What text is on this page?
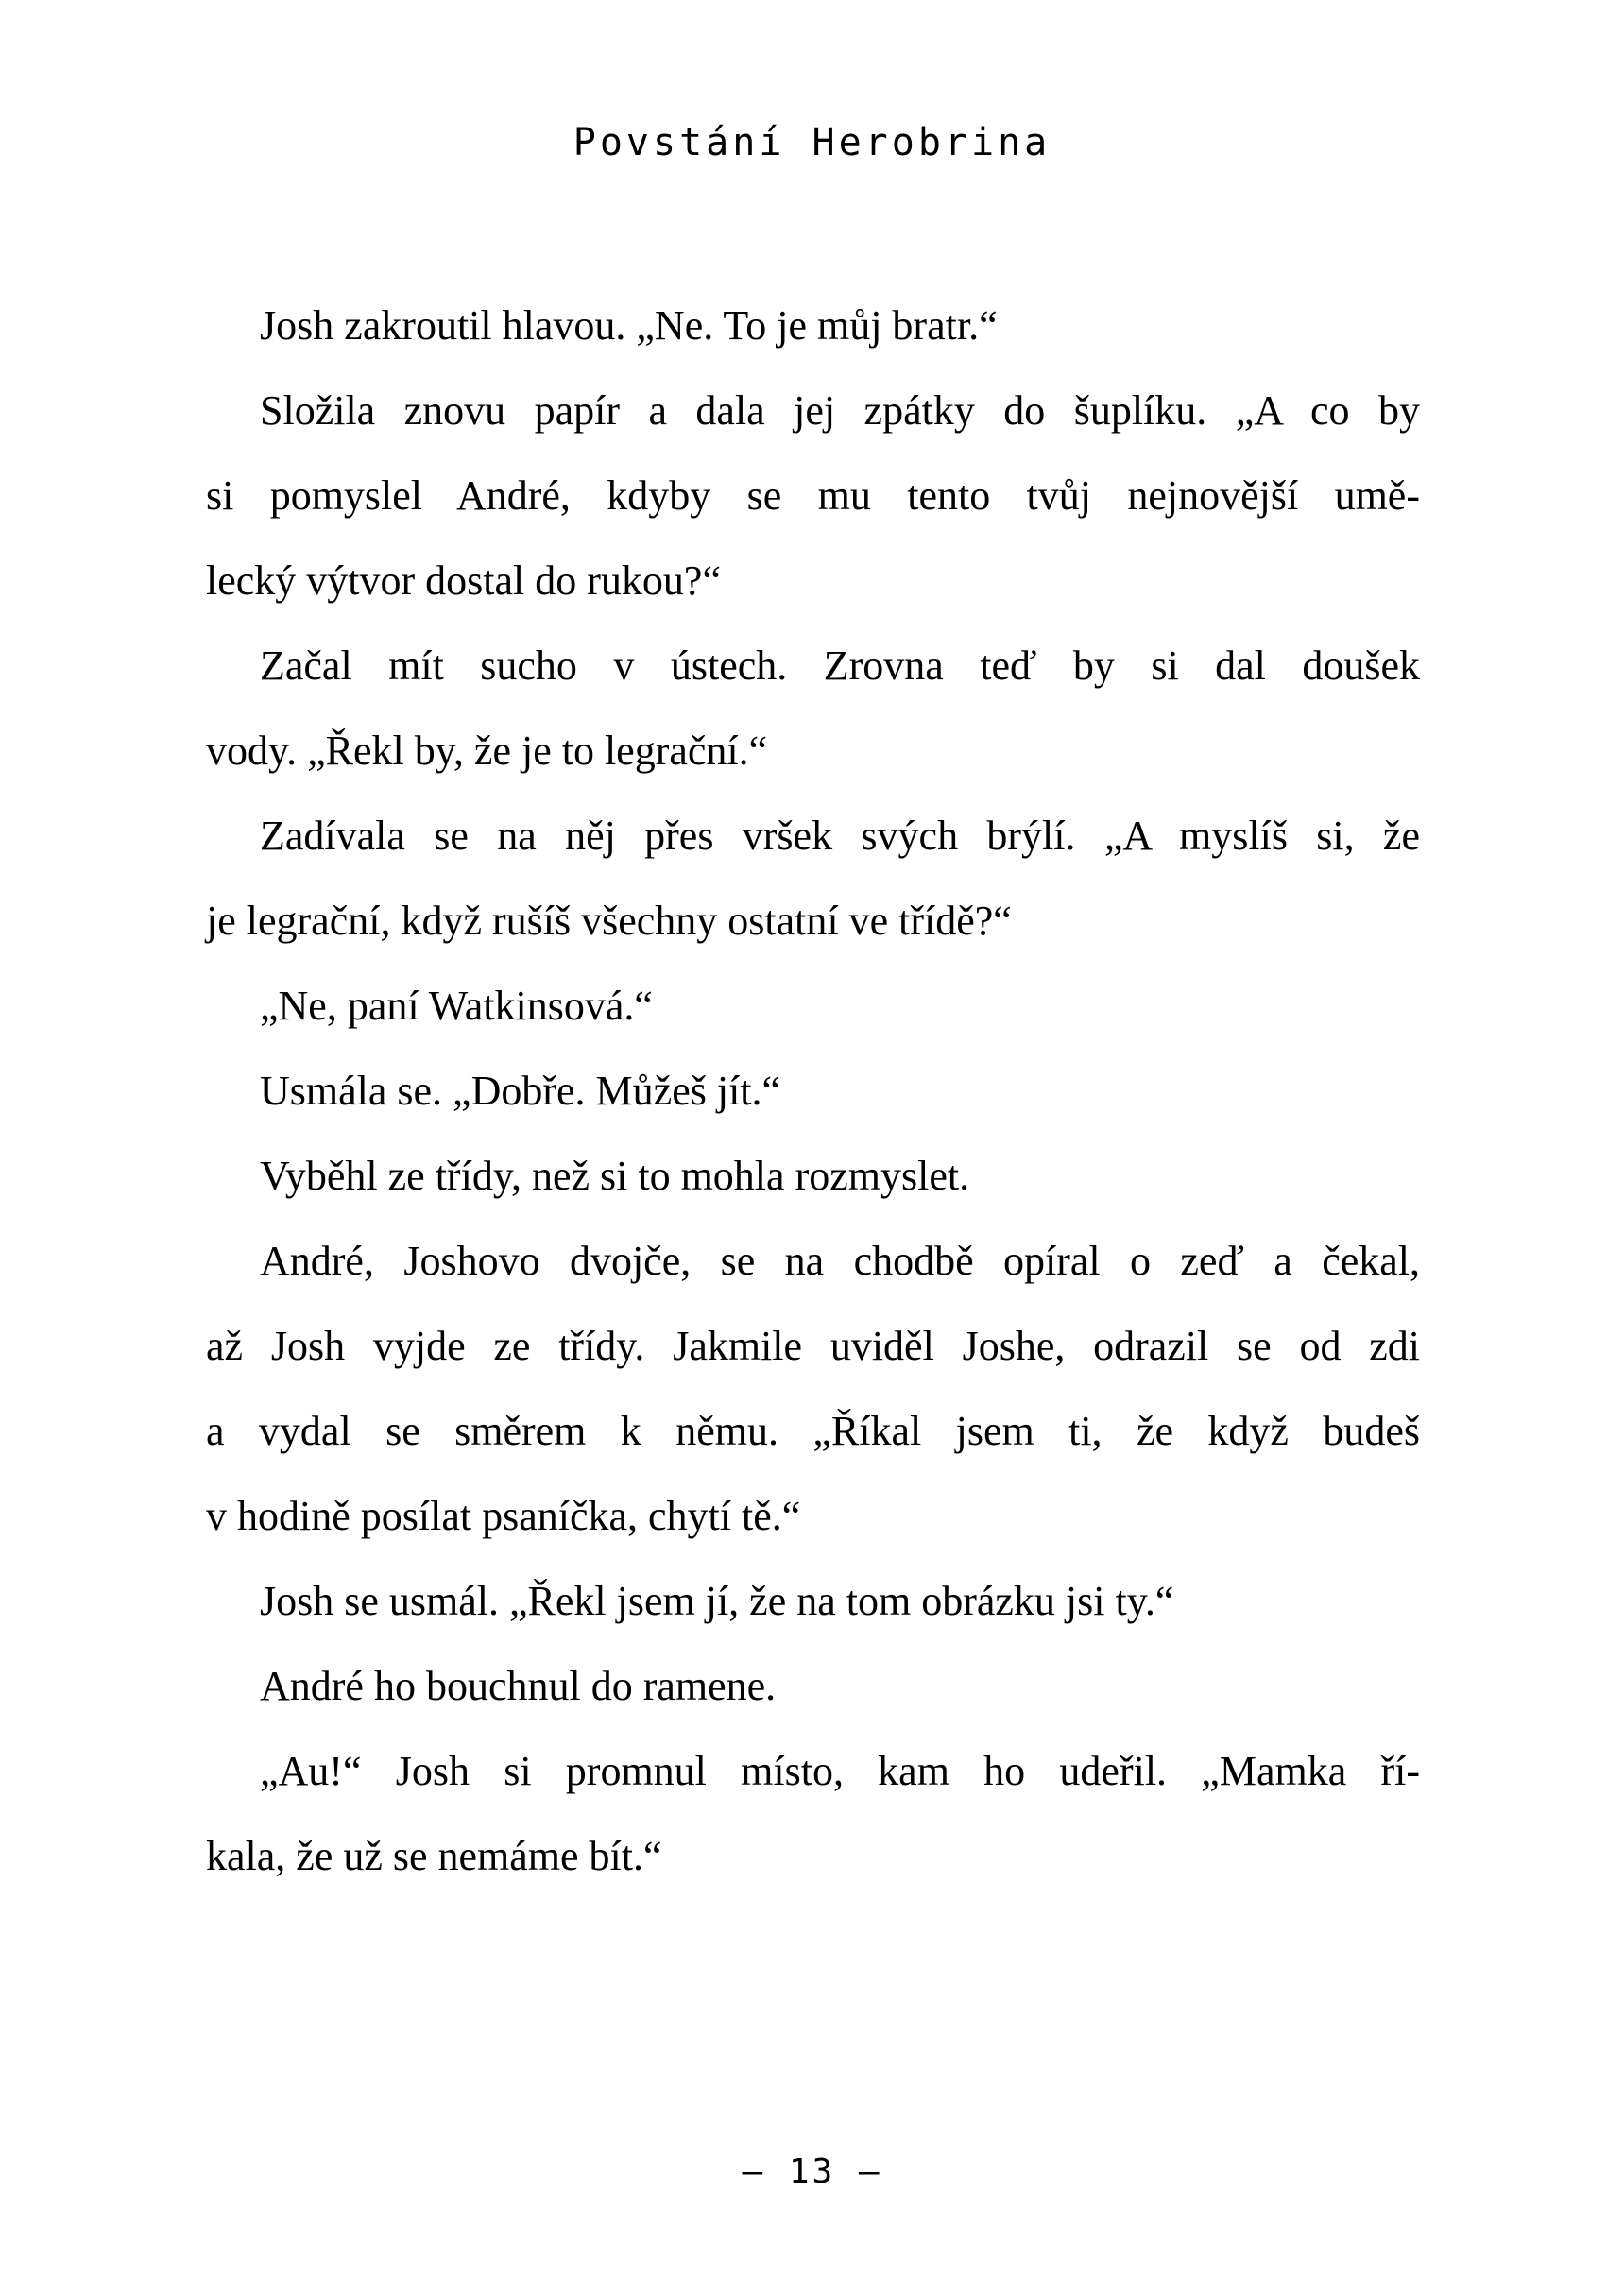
Povstání Herobrina
Josh zakroutil hlavou. „Ne. To je můj bratr.“
Složila znovu papír a dala jej zpátky do šuplíku. „A co by
si pomyslel André, kdyby se mu tento tvůj nejnovější umě-
lecký výtvor dostal do rukou?“
Začal mít sucho v ústech. Zrovna teď by si dal doušek
vody. „Řekl by, že je to legrační.“
Zadívala se na něj přes vršek svých brýlí. „A myslíš si, že
je legrační, když rušíš všechny ostatní ve třídě?“
„Ne, paní Watkinsová.“
Usmála se. „Dobře. Můžeš jít.“
Vyběhl ze třídy, než si to mohla rozmyslet.
André, Joshovo dvojče, se na chodbě opíral o zeď a čekal,
až Josh vyjde ze třídy. Jakmile uviděl Joshe, odrazil se od zdi
a vydal se směrem k němu. „Říkal jsem ti, že když budeš
v hodině posílat psaníčka, chytí tě.“
Josh se usmál. „Řekl jsem jí, že na tom obrázku jsi ty.“
André ho bouchnul do ramene.
„Au!“ Josh si promnul místo, kam ho udeřil. „Mamka ří-
kala, že už se nemáme bít.“
– 13 –
